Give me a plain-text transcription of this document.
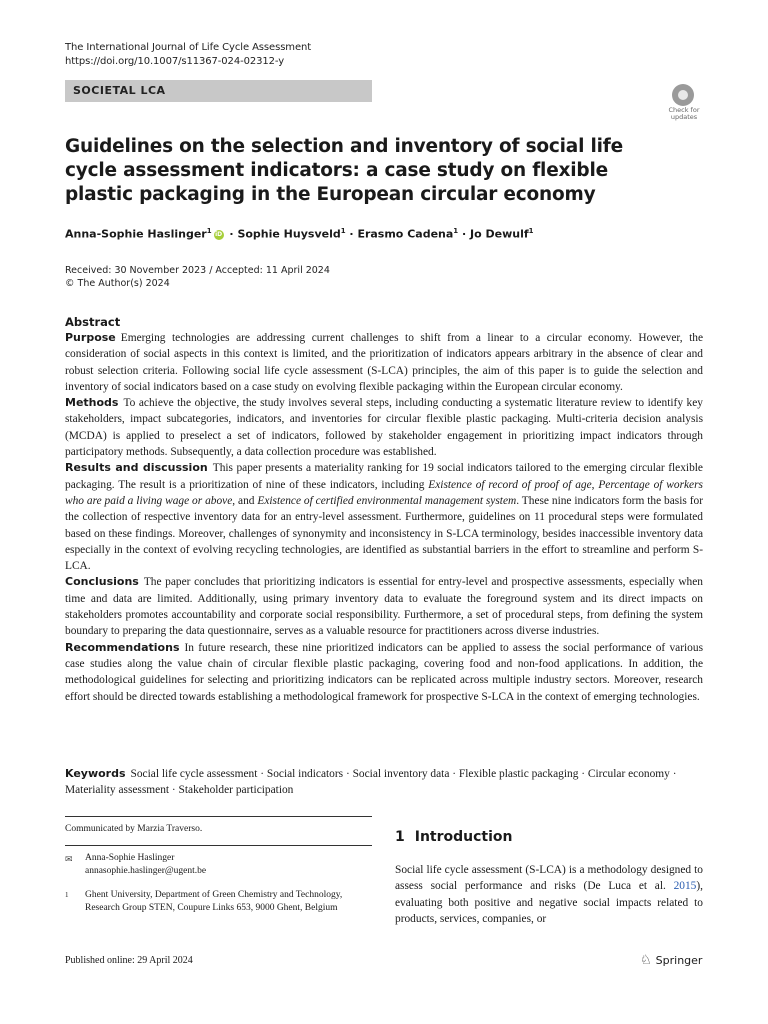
The International Journal of Life Cycle Assessment
https://doi.org/10.1007/s11367-024-02312-y
SOCIETAL LCA
Check for updates
Guidelines on the selection and inventory of social life cycle assessment indicators: a case study on flexible plastic packaging in the European circular economy
Anna-Sophie Haslinger$^1$ iD · Sophie Huysveld$^1$ · Erasmo Cadena$^1$ · Jo Dewulf$^1$
Received: 30 November 2023 / Accepted: 11 April 2024
© The Author(s) 2024
Abstract

Purpose Emerging technologies are addressing current challenges to shift from a linear to a circular economy. However, the consideration of social aspects in this context is limited, and the prioritization of indicators appears arbitrary in the absence of clear and robust selection criteria. Following social life cycle assessment (S-LCA) principles, the aim of this paper is to guide the selection and inventory of social indicators based on a case study on evolving flexible packaging within the European circular economy.

Methods To achieve the objective, the study involves several steps, including conducting a systematic literature review to identify key stakeholders, impact subcategories, indicators, and inventories for circular flexible plastic packaging. Multi-criteria decision analysis (MCDA) is applied to preselect a set of indicators, followed by stakeholder engagement in prioritizing impact indicators through participatory methods. Subsequently, a data collection procedure was established.

Results and discussion This paper presents a materiality ranking for 19 social indicators tailored to the emerging circular flexible packaging. The result is a prioritization of nine of these indicators, including Existence of record of proof of age, Percentage of workers who are paid a living wage or above, and Existence of certified environmental management system. These nine indicators form the basis for the collection of respective inventory data for an entry-level assessment. Furthermore, guidelines on 11 procedural steps were formulated based on these findings. Moreover, challenges of synonymity and inconsistency in S-LCA terminology, besides inaccessible inventory data especially in the context of evolving recycling technologies, are identified as substantial barriers in the effort to streamline and perform S-LCA.

Conclusions The paper concludes that prioritizing indicators is essential for entry-level and prospective assessments, especially when time and data are limited. Additionally, using primary inventory data to evaluate the foreground system and its direct impacts on stakeholders promotes accountability and corporate social responsibility. Furthermore, a set of procedural steps, from defining the system boundary to preparing the data questionnaire, serves as a valuable resource for practitioners across diverse industries.

Recommendations In future research, these nine prioritized indicators can be applied to assess the social performance of various case studies along the value chain of circular flexible plastic packaging, covering food and non-food applications. In addition, the methodological guidelines for selecting and prioritizing indicators can be replicated across multiple industry sectors. Moreover, research effort should be directed towards establishing a methodological framework for prospective S-LCA in the context of emerging technologies.

Keywords Social life cycle assessment · Social indicators · Social inventory data · Flexible plastic packaging · Circular economy · Materiality assessment · Stakeholder participation
Communicated by Marzia Traverso.
✉ Anna-Sophie Haslinger
annasophie.haslinger@ugent.be
1 Ghent University, Department of Green Chemistry and Technology, Research Group STEN, Coupure Links 653, 9000 Ghent, Belgium
1 Introduction
Social life cycle assessment (S-LCA) is a methodology designed to assess social performance and risks (De Luca et al. 2015), evaluating both positive and negative social impacts related to products, services, companies, or
Published online: 29 April 2024	♘ Springer
